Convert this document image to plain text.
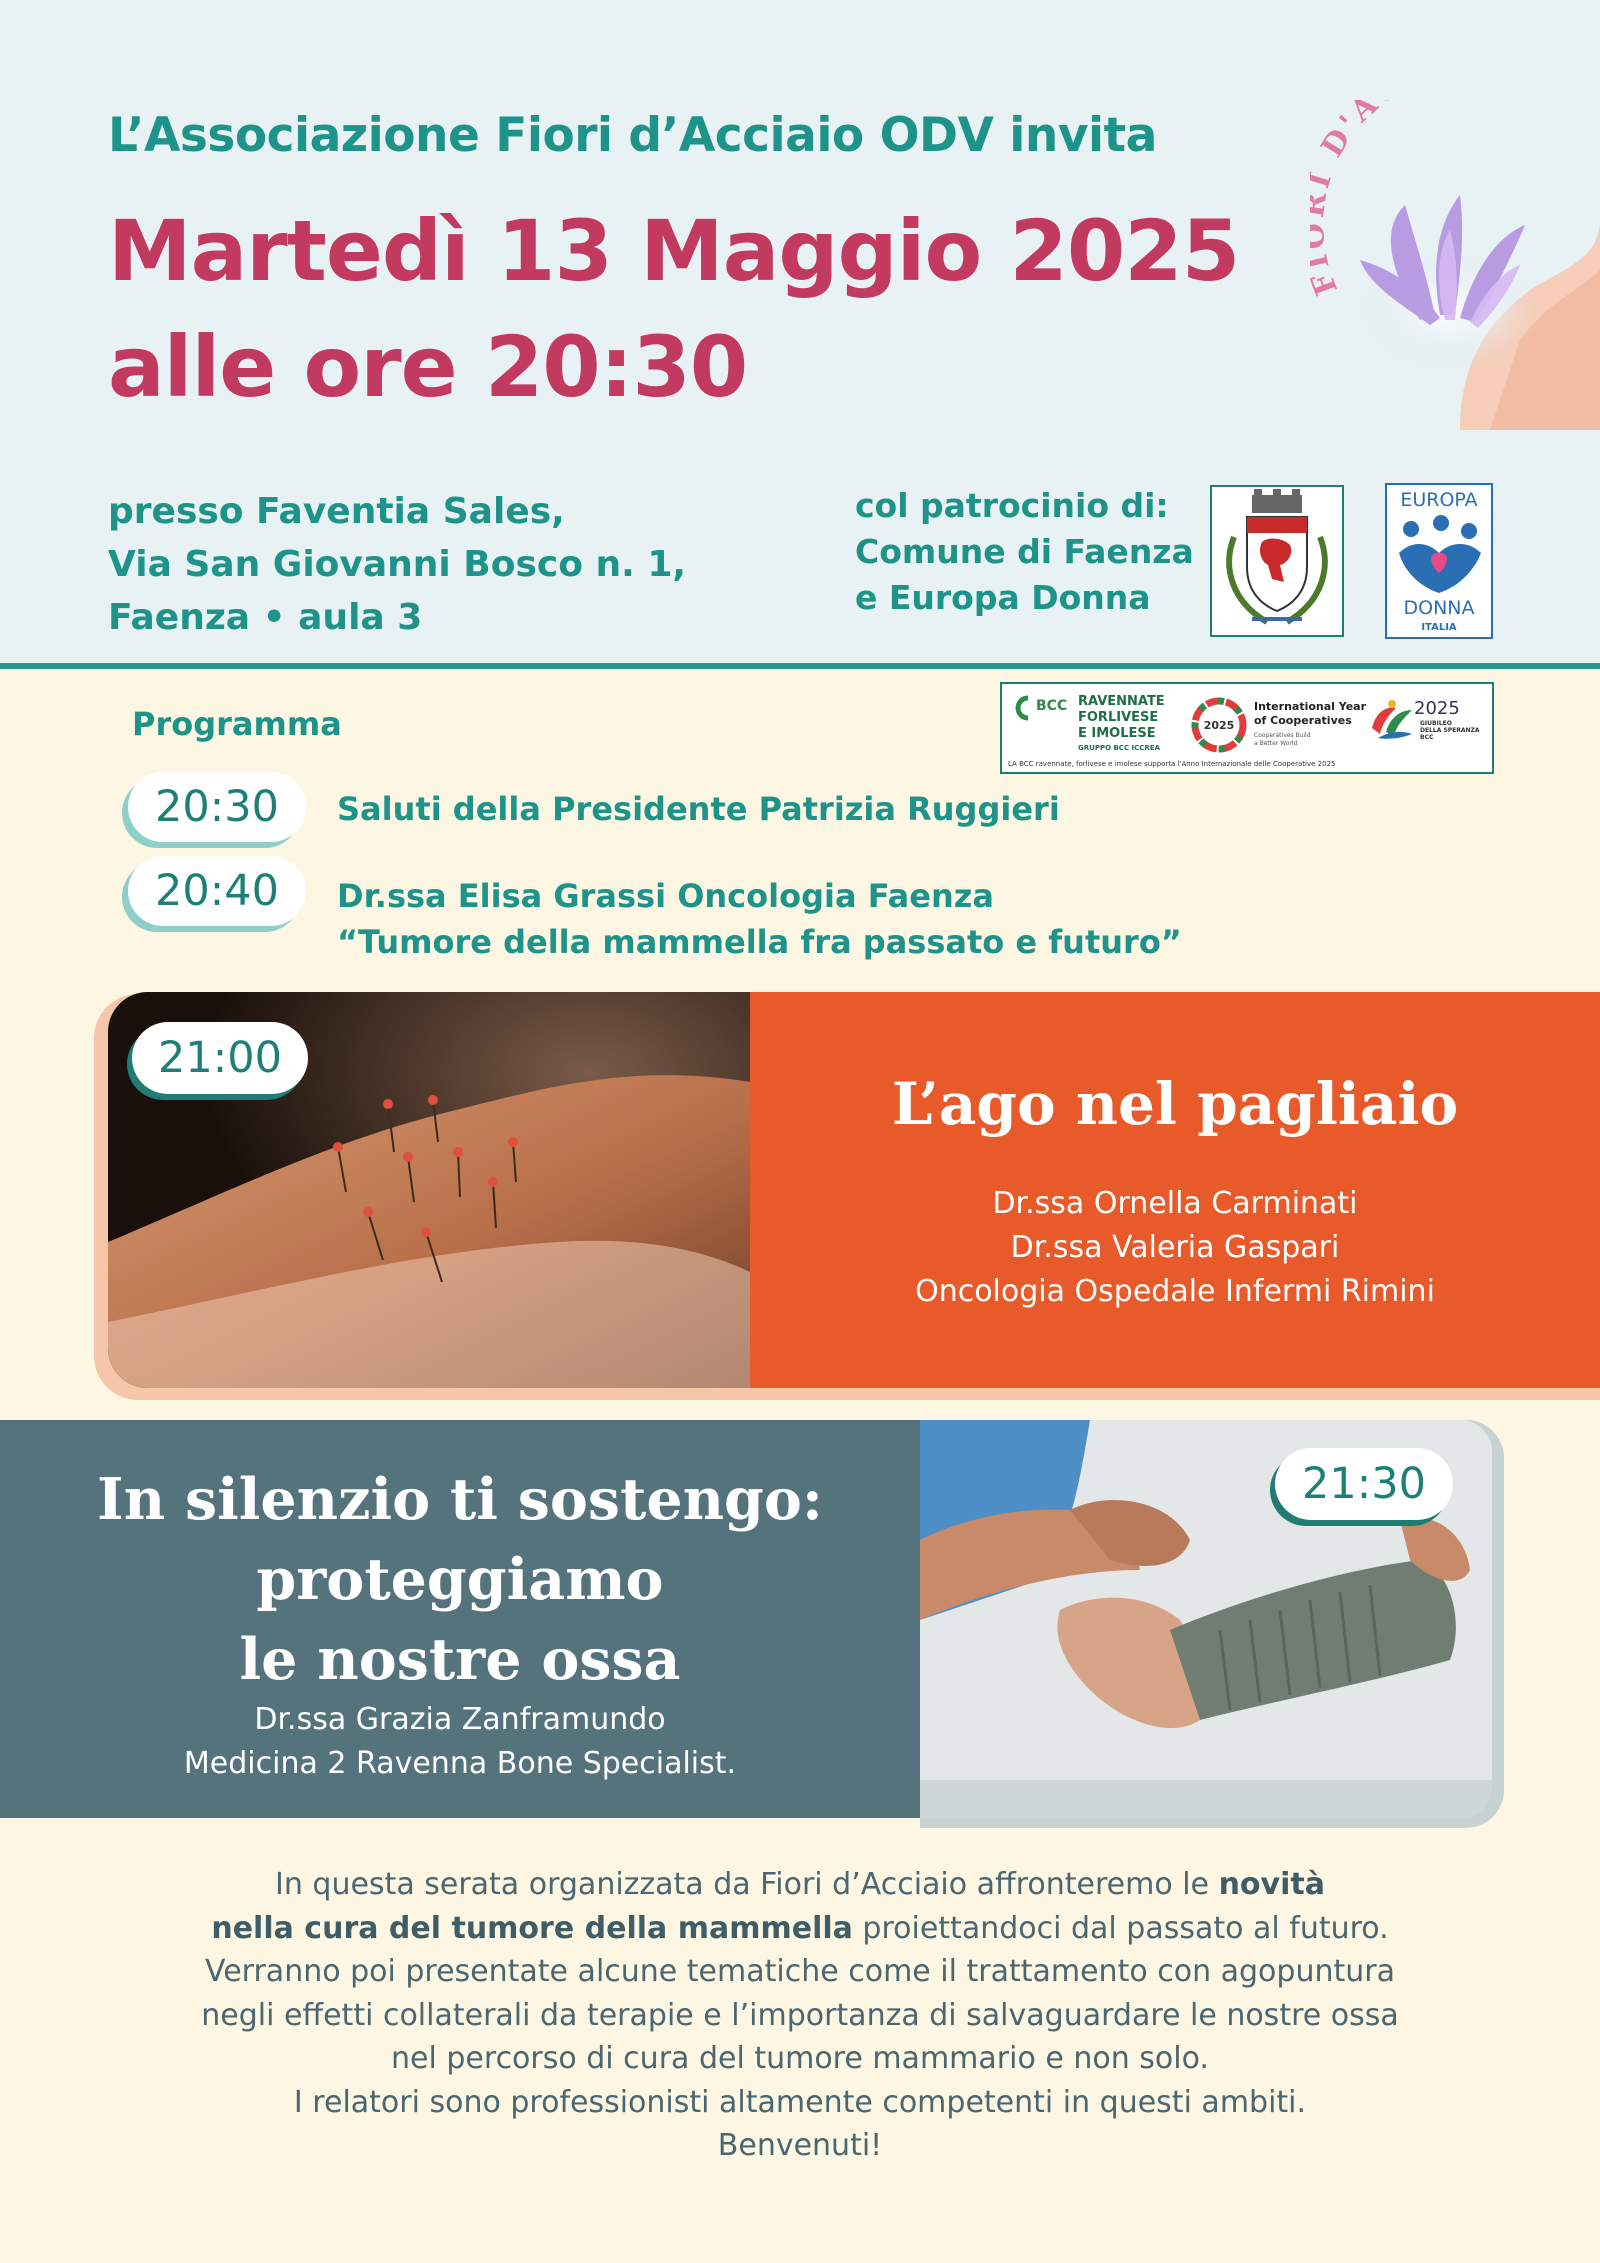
L’Associazione Fiori d’Acciaio ODV invita
Martedì 13 Maggio 2025
alle ore 20:30
D'A
presso Faventia Sales,
Via San Giovanni Bosco n. 1,
Faenza • aula 3
col patrocinio di:
Comune di Faenza
e Europa Donna
EUROPA
DONNA
ITALIA
BCC RAVENNATE
FORLIVESE
E IMOLESE
GRUPPO BCC ICCREA
2025
International Year
of Cooperatives
Cooperatives Build
a Better World
2025
GIUBILEO
DELLA SPERANZA
BCC
LA BCC ravennate, forlivese e imolese supporta l'Anno Internazionale delle Cooperative 2025
Programma
20:30	Saluti della Presidente Patrizia Ruggieri
20:40	Dr.ssa Elisa Grassi Oncologia Faenza
“Tumore della mammella fra passato e futuro”
L’ago nel pagliaio
Dr.ssa Ornella Carminati
Dr.ssa Valeria Gaspari
Oncologia Ospedale Infermi Rimini
21:00
In silenzio ti sostengo:
proteggiamo
le nostre ossa
Dr.ssa Grazia Zanframundo
Medicina 2 Ravenna Bone Specialist.
21:30
In questa serata organizzata da Fiori d’Acciaio affronteremo le novità
nella cura del tumore della mammella proiettandoci dal passato al futuro.
Verranno poi presentate alcune tematiche come il trattamento con agopuntura
negli effetti collaterali da terapie e l’importanza di salvaguardare le nostre ossa
nel percorso di cura del tumore mammario e non solo.
I relatori sono professionisti altamente competenti in questi ambiti.
Benvenuti!
